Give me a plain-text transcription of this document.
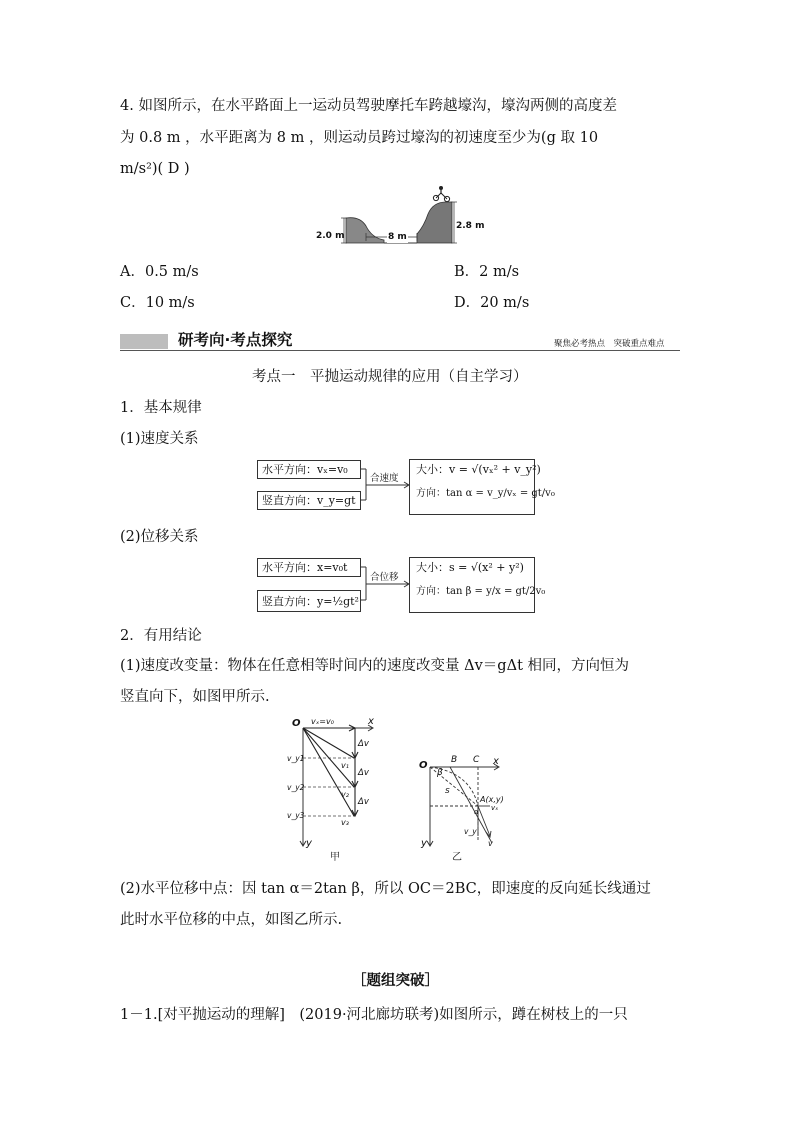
4. 如图所示，在水平路面上一运动员驾驶摩托车跨越壕沟，壕沟两侧的高度差
为 0.8 m ，水平距离为 8 m ，则运动员跨过壕沟的初速度至少为(g 取 10
m/s²)( D )
2.0 m	8 m
2.8 m
A．0.5 m/s	B．2 m/s
C．10 m/s	D．20 m/s
研考向·考点探究	聚焦必考热点　突破重点难点
考点一　平抛运动规律的应用（自主学习）
1．基本规律
(1)速度关系
水平方向：vₓ=v₀
竖直方向：v_y=gt
合速度
大小：v = √(vₓ² + v_y²)
方向：tan α = v_y/vₓ = gt/v₀
(2)位移关系
水平方向：x=v₀t
竖直方向：y=½gt²
合位移
大小：s = √(x² + y²)
方向：tan β = y/x = gt/2v₀
2．有用结论
(1)速度改变量：物体在任意相等时间内的速度改变量 Δv＝gΔt 相同，方向恒为
竖直向下，如图甲所示.
O	x
y
vₓ=v₀
Δv
Δv
Δv
v₁
v₂
v₃
v_y1
v_y2
v_y3
甲
O	x
y
B C
β
s
A(x,y)
α vₓ
v_y
v
乙
(2)水平位移中点：因 tan α＝2tan β，所以 OC＝2BC，即速度的反向延长线通过
此时水平位移的中点，如图乙所示.
［题组突破］
1－1.[对平抛运动的理解]　 (2019·河北廊坊联考)如图所示，蹲在树枝上的一只
